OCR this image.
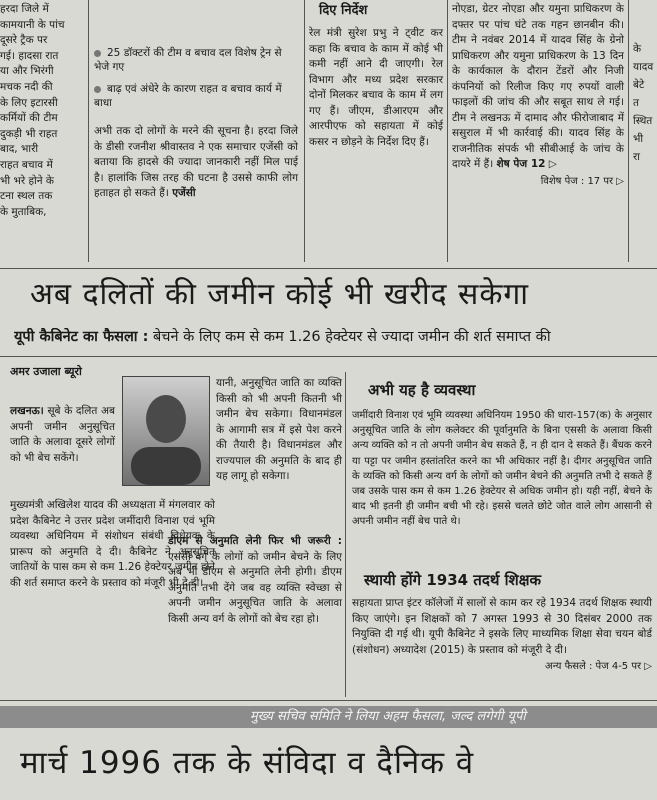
हरदा जिले में
कामयानी के पांच
दूसरे ट्रैक पर
गई। हादसा रात
या और भिरंगी
मचक नदी की
के लिए इटारसी
कर्मियों की टीम
दुकड़ी भी राहत
बाद, भारी
राहत बचाव में
भी भरे होने के
टना स्थल तक
के मुताबिक,
25 डॉक्टरों की टीम व बचाव दल विशेष ट्रेन से भेजे गए
बाढ़ एवं अंधेरे के कारण राहत व बचाव कार्य में बाधा
अभी तक दो लोगों के मरने की सूचना है। हरदा जिले के डीसी रजनीश श्रीवास्तव ने एक समाचार एजेंसी को बताया कि हादसे की ज्यादा जानकारी नहीं मिल पाई है। हालांकि जिस तरह की घटना है उससे काफी लोग हताहत हो सकते हैं। एजेंसी
दिए निर्देश
रेल मंत्री सुरेश प्रभु ने ट्वीट कर कहा कि बचाव के काम में कोई भी कमी नहीं आने दी जाएगी। रेल विभाग और मध्य प्रदेश सरकार दोनों मिलकर बचाव के काम में लग गए हैं। जीएम, डीआरएम और आरपीएफ को सहायता में कोई कसर न छोड़ने के निर्देश दिए हैं।
नोएडा, ग्रेटर नोएडा और यमुना प्राधिकरण के दफ्तर पर पांच घंटे तक गहन छानबीन की। टीम ने नवंबर 2014 में यादव सिंह के ग्रेनो प्राधिकरण और यमुना प्राधिकरण के 13 दिन के कार्यकाल के दौरान टेंडरों और निजी कंपनियों को रिलीज किए गए रुपयों वाली फाइलों की जांच की और सबूत साथ ले गई। टीम ने लखनऊ में दामाद और फीरोजाबाद में ससुराल में भी कार्रवाई की। यादव सिंह के राजनीतिक संपर्क भी सीबीआई के जांच के दायरे में हैं। शेष पेज 12 ▷
विशेष पेज : 17 पर ▷
के
यादव
बेटे
त
स्थित
भी
रा
अब दलितों की जमीन कोई भी खरीद सकेगा
यूपी कैबिनेट का फैसला : बेचने के लिए कम से कम 1.26 हेक्टेयर से ज्यादा जमीन की शर्त समाप्त की
अमर उजाला ब्यूरो
लखनऊ। सूबे के दलित अब अपनी जमीन अनुसूचित जाति के अलावा दूसरे लोगों को भी बेच सकेंगे।
मुख्यमंत्री अखिलेश यादव की अध्यक्षता में मंगलवार को प्रदेश कैबिनेट ने उत्तर प्रदेश जमींदारी विनाश एवं भूमि व्यवस्था अधिनियम में संशोधन संबंधी विधेयक के प्रारूप को अनुमति दे दी। कैबिनेट ने अनुसूचित जातियों के पास कम से कम 1.26 हेक्टेयर जमीन होने की शर्त समाप्त करने के प्रस्ताव को मंजूरी भी दे दी।
यानी, अनुसूचित जाति का व्यक्ति किसी को भी अपनी कितनी भी जमीन बेच सकेगा। विधानमंडल के आगामी सत्र में इसे पेश करने की तैयारी है। विधानमंडल और राज्यपाल की अनुमति के बाद ही यह लागू हो सकेगा।
डीएम से अनुमति लेनी फिर भी जरूरी : एससी वर्ग के लोगों को जमीन बेचने के लिए अब भी डीएम से अनुमति लेनी होगी। डीएम अनुमति तभी देंगे जब वह व्यक्ति स्वेच्छा से अपनी जमीन अनुसूचित जाति के अलावा किसी अन्य वर्ग के लोगों को बेच रहा हो।
अभी यह है व्यवस्था
जमींदारी विनाश एवं भूमि व्यवस्था अधिनियम 1950 की धारा-157(क) के अनुसार अनुसूचित जाति के लोग कलेक्टर की पूर्वानुमति के बिना एससी के अलावा किसी अन्य व्यक्ति को न तो अपनी जमीन बेच सकते हैं, न ही दान दे सकते हैं। बैंधक करने या पट्टा पर जमीन हस्तांतरित करने का भी अधिकार नहीं है। दीगर अनुसूचित जाति के व्यक्ति को किसी अन्य वर्ग के लोगों को जमीन बेचने की अनुमति तभी दे सकते हैं जब उसके पास कम से कम 1.26 हेक्टेयर से अधिक जमीन हो। यही नहीं, बेचने के बाद भी इतनी ही जमीन बची भी रहे। इससे चलते छोटे जोत वाले लोग आसानी से अपनी जमीन नहीं बेच पाते थे।
स्थायी होंगे 1934 तदर्थ शिक्षक
सहायता प्राप्त इंटर कॉलेजों में सालों से काम कर रहे 1934 तदर्थ शिक्षक स्थायी किए जाएंगे। इन शिक्षकों को 7 अगस्त 1993 से 30 दिसंबर 2000 तक नियुक्ति दी गई थी। यूपी कैबिनेट ने इसके लिए माध्यमिक शिक्षा सेवा चयन बोर्ड (संशोधन) अध्यादेश (2015) के प्रस्ताव को मंजूरी दे दी।
अन्य फैसले : पेज 4-5 पर ▷
मुख्य सचिव समिति ने लिया अहम फैसला, जल्द लगेगी यूपी
मार्च 1996 तक के संविदा व दैनिक वे
